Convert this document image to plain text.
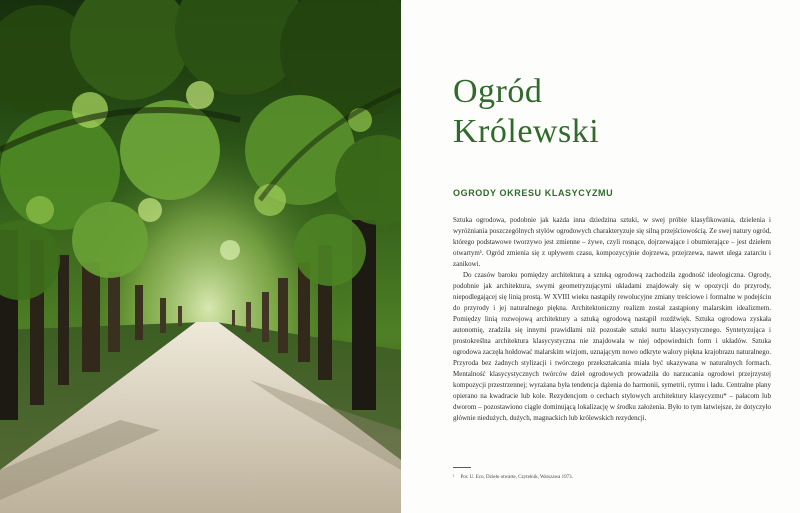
Ogród
Królewski
OGRODY OKRESU KLASYCYZMU

Sztuka ogrodowa, podobnie jak każda inna dziedzina sztuki, w swej próbie klasyfikowania, dzielenia i wyróżniania poszczególnych stylów ogrodowych charakteryzuje się silną przejściowością. Ze swej natury ogród, którego podstawowe tworzywo jest zmienne – żywe, czyli rosnące, dojrzewające i obumierające – jest dziełem otwartym¹. Ogród zmienia się z upływem czasu, kompozycyjnie dojrzewa, przejrzewa, nawet ulega zatarciu i zanikowi.

Do czasów baroku pomiędzy architekturą a sztuką ogrodową zachodziła zgodność ideologiczna. Ogrody, podobnie jak architektura, swymi geometryzującymi układami znajdowały się w opozycji do przyrody, niepodlegającej się linią prostą. W XVIII wieku nastąpiły rewolucyjne zmiany treściowe i formalne w podejściu do przyrody i jej naturalnego piękna. Architektoniczny realizm został zastąpiony malarskim idealizmem. Pomiędzy linią rozwojową architektury a sztuką ogrodową nastąpił rozdźwięk. Sztuka ogrodowa zyskała autonomię, zradziła się innymi prawidłami niż pozostałe sztuki nurtu klasycystycznego. Syntetyzująca i prostokreślna architektura klasycystyczna nie znajdowała w niej odpowiednich form i układów. Sztuka ogrodowa zaczęła hołdować malarskim wizjom, uznającym nowo odkryte walory piękna krajobrazu naturalnego. Przyroda bez żadnych stylizacji i twórczego przekształcania miała być ukazywana w naturalnych formach. Mentalność klasycystycznych twórców dzieł ogrodowych prowadziła do narzucania ogrodowi przejrzystej kompozycji przestrzennej; wyrażana była tendencja dążenia do harmonii, symetrii, rytmu i ładu. Centralne plany opierano na kwadracie lub kole. Rezydencjom o cechach stylowych architektury klasycyzmu* – pałacom lub dworom – pozostawiono ciągle dominującą lokalizację w środku założenia. Było to tym łatwiejsze, że dotyczyło głównie niedużych, dużych, magnackich lub królewskich rezydencji.

¹ Por. U. Eco, Dzieło otwarte, Czytelnik, Warszawa 1973.
